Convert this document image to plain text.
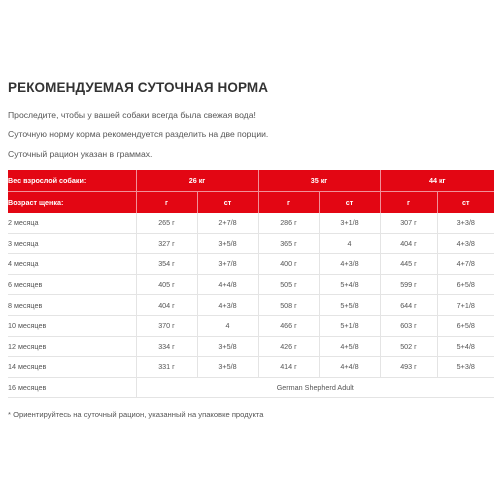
РЕКОМЕНДУЕМАЯ СУТОЧНАЯ НОРМА
Проследите, чтобы у вашей собаки всегда была свежая вода!
Суточную норму корма рекомендуется разделить на две порции.
Суточный рацион указан в граммах.
Вес взрослой собаки:	26 кг		35 кг		44 кг	
Возраст щенка:	г	ст	г	ст	г	ст
2 месяца	265 г	2+7/8	286 г	3+1/8	307 г	3+3/8
3 месяца	327 г	3+5/8	365 г	4	404 г	4+3/8
4 месяца	354 г	3+7/8	400 г	4+3/8	445 г	4+7/8
6 месяцев	405 г	4+4/8	505 г	5+4/8	599 г	6+5/8
8 месяцев	404 г	4+3/8	508 г	5+5/8	644 г	7+1/8
10 месяцев	370 г	4	466 г	5+1/8	603 г	6+5/8
12 месяцев	334 г	3+5/8	426 г	4+5/8	502 г	5+4/8
14 месяцев	331 г	3+5/8	414 г	4+4/8	493 г	5+3/8
16 месяцев	German Shepherd Adult					
* Ориентируйтесь на суточный рацион, указанный на упаковке продукта
